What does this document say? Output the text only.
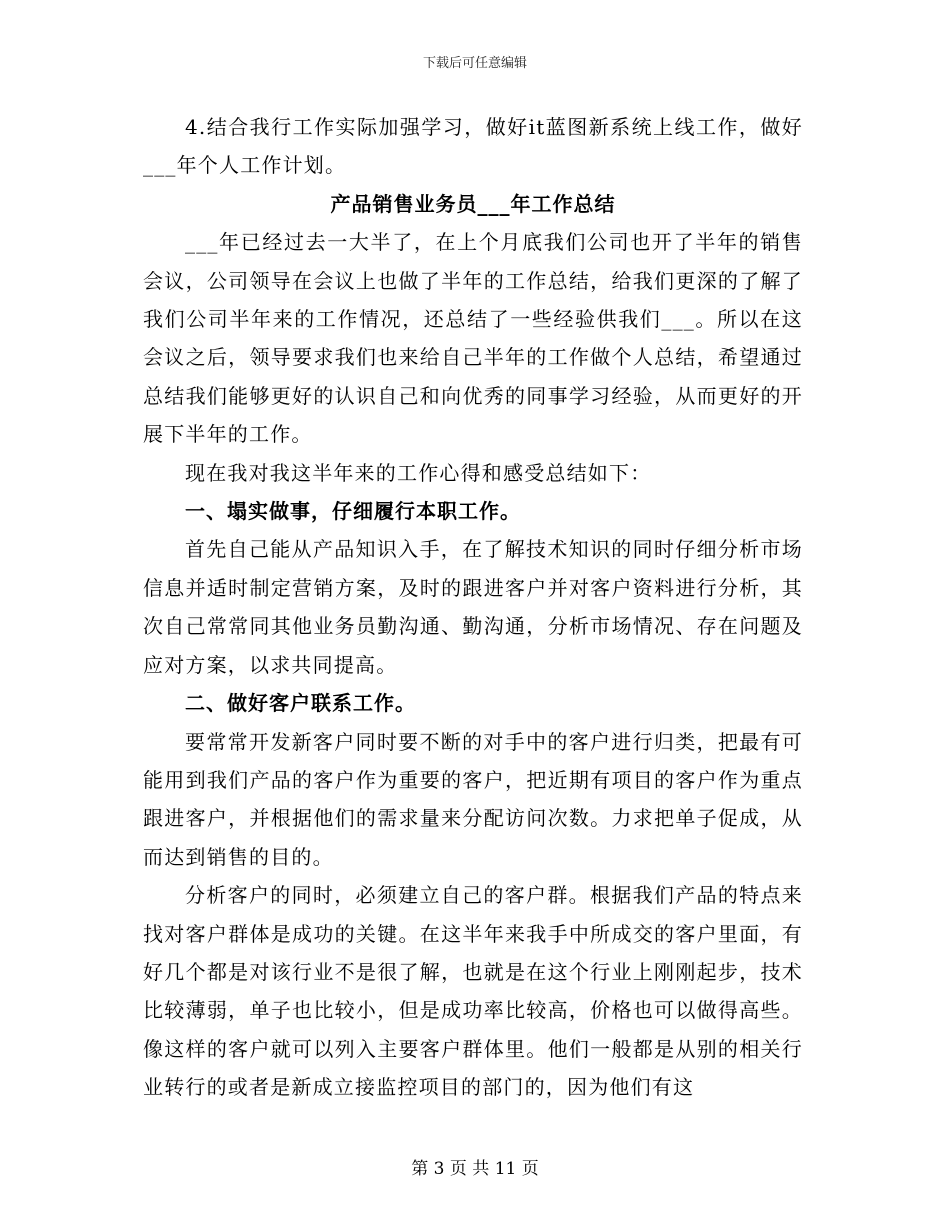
下载后可任意编辑

4.结合我行工作实际加强学习，做好it蓝图新系统上线工作，做好___年个人工作计划。

产品销售业务员___年工作总结

___年已经过去一大半了，在上个月底我们公司也开了半年的销售会议，公司领导在会议上也做了半年的工作总结，给我们更深的了解了我们公司半年来的工作情况，还总结了一些经验供我们___。所以在这会议之后，领导要求我们也来给自己半年的工作做个人总结，希望通过总结我们能够更好的认识自己和向优秀的同事学习经验，从而更好的开展下半年的工作。

现在我对我这半年来的工作心得和感受总结如下：

一、塌实做事，仔细履行本职工作。

首先自己能从产品知识入手，在了解技术知识的同时仔细分析市场信息并适时制定营销方案，及时的跟进客户并对客户资料进行分析，其次自己常常同其他业务员勤沟通、勤沟通，分析市场情况、存在问题及应对方案，以求共同提高。

二、做好客户联系工作。

要常常开发新客户同时要不断的对手中的客户进行归类，把最有可能用到我们产品的客户作为重要的客户，把近期有项目的客户作为重点跟进客户，并根据他们的需求量来分配访问次数。力求把单子促成，从而达到销售的目的。

分析客户的同时，必须建立自己的客户群。根据我们产品的特点来找对客户群体是成功的关键。在这半年来我手中所成交的客户里面，有好几个都是对该行业不是很了解，也就是在这个行业上刚刚起步，技术比较薄弱，单子也比较小，但是成功率比较高，价格也可以做得高些。像这样的客户就可以列入主要客户群体里。他们一般都是从别的相关行业转行的或者是新成立接监控项目的部门的，因为他们有这

第 3 页 共 11 页
